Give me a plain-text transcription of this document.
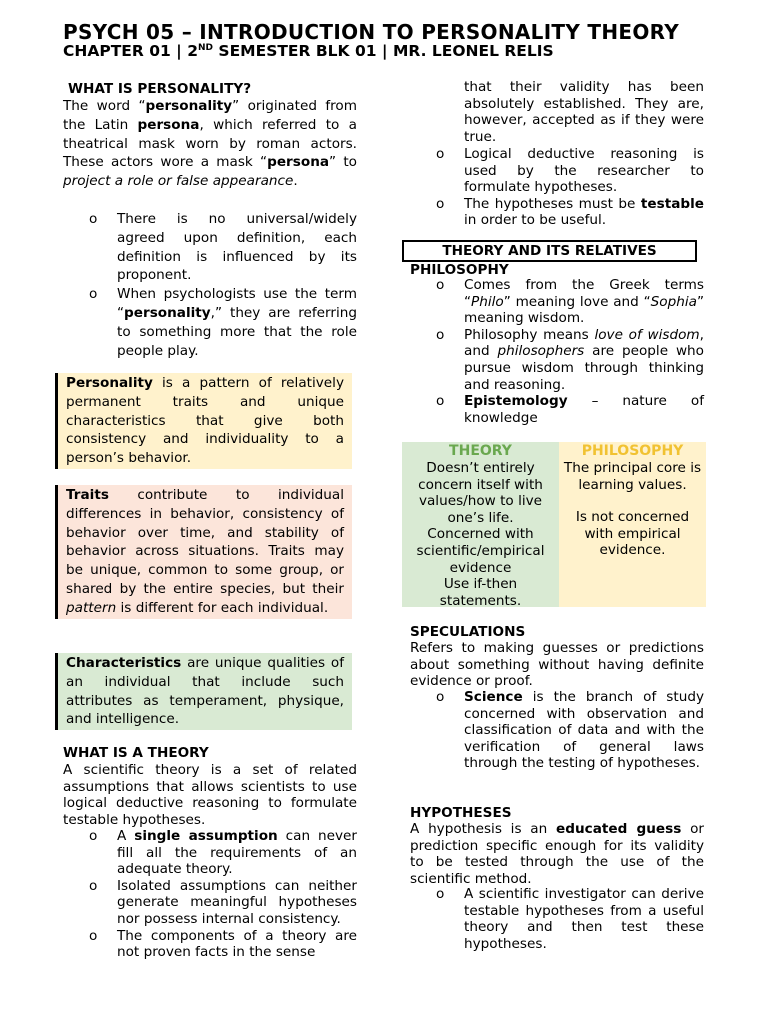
PSYCH 05 – INTRODUCTION TO PERSONALITY THEORY
CHAPTER 01 | 2ND SEMESTER BLK 01 | MR. LEONEL RELIS
WHAT IS PERSONALITY?
The word “personality” originated from the Latin persona, which referred to a theatrical mask worn by roman actors. These actors wore a mask “persona” to project a role or false appearance.
o There is no universal/widely agreed upon definition, each definition is influenced by its proponent.
o When psychologists use the term “personality,” they are referring to something more that the role people play.
Personality is a pattern of relatively permanent traits and unique characteristics that give both consistency and individuality to a person’s behavior.
Traits contribute to individual differences in behavior, consistency of behavior over time, and stability of behavior across situations. Traits may be unique, common to some group, or shared by the entire species, but their pattern is different for each individual.
Characteristics are unique qualities of an individual that include such attributes as temperament, physique, and intelligence.
WHAT IS A THEORY
A scientific theory is a set of related assumptions that allows scientists to use logical deductive reasoning to formulate testable hypotheses.
o A single assumption can never fill all the requirements of an adequate theory.
o Isolated assumptions can neither generate meaningful hypotheses nor possess internal consistency.
o The components of a theory are not proven facts in the sense
that their validity has been absolutely established. They are, however, accepted as if they were true.
o Logical deductive reasoning is used by the researcher to formulate hypotheses.
o The hypotheses must be testable in order to be useful.
THEORY AND ITS RELATIVES
PHILOSOPHY
o Comes from the Greek terms “Philo” meaning love and “Sophia” meaning wisdom.
o Philosophy means love of wisdom, and philosophers are people who pursue wisdom through thinking and reasoning.
o Epistemology – nature of knowledge
THEORY
Doesn’t entirely concern itself with values/how to live one’s life.
Concerned with scientific/empirical evidence
Use if-then statements.
PHILOSOPHY
The principal core is learning values.
Is not concerned with empirical evidence.
SPECULATIONS
Refers to making guesses or predictions about something without having definite evidence or proof.
o Science is the branch of study concerned with observation and classification of data and with the verification of general laws through the testing of hypotheses.
HYPOTHESES
A hypothesis is an educated guess or prediction specific enough for its validity to be tested through the use of the scientific method.
o A scientific investigator can derive testable hypotheses from a useful theory and then test these hypotheses.
